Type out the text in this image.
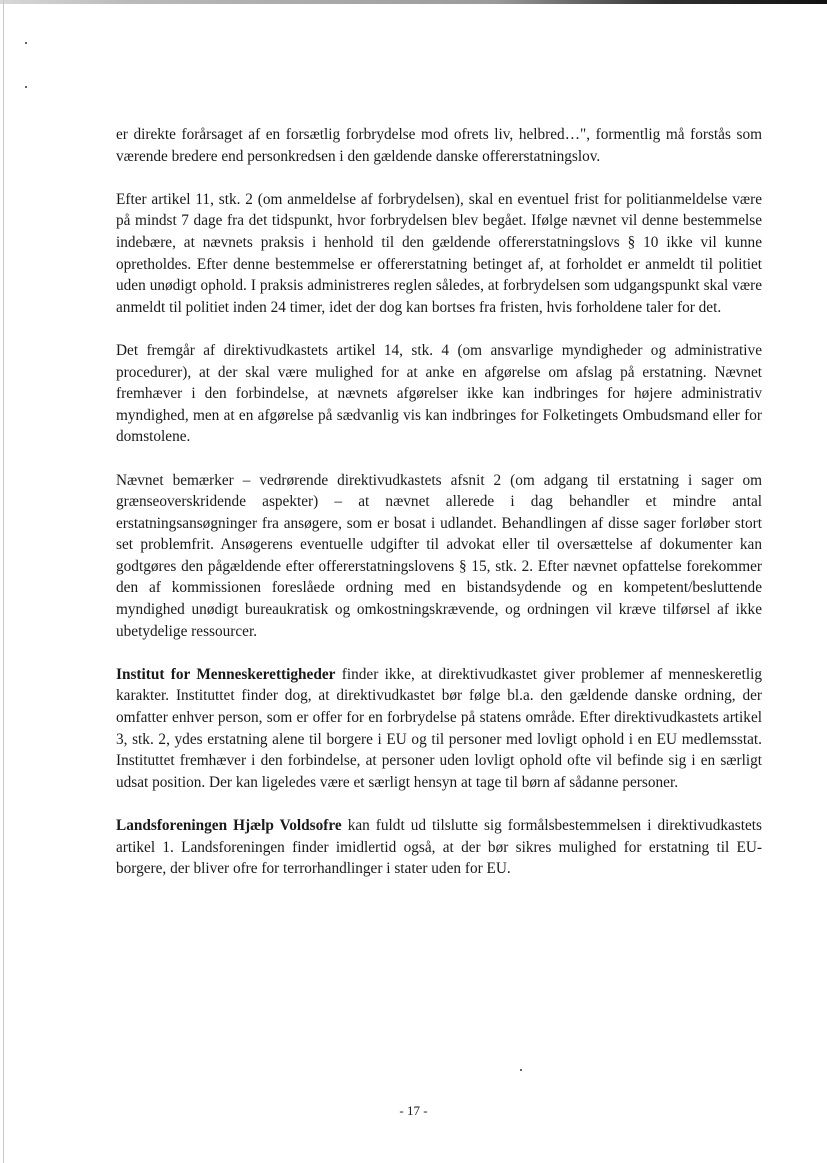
er direkte forårsaget af en forsætlig forbrydelse mod ofrets liv, helbred…", formentlig må forstås som værende bredere end personkredsen i den gældende danske offererstatningslov.

Efter artikel 11, stk. 2 (om anmeldelse af forbrydelsen), skal en eventuel frist for politianmeldelse være på mindst 7 dage fra det tidspunkt, hvor forbrydelsen blev begået. Ifølge nævnet vil denne bestemmelse indebære, at nævnets praksis i henhold til den gældende offererstatningslovs § 10 ikke vil kunne opretholdes. Efter denne bestemmelse er offererstatning betinget af, at forholdet er anmeldt til politiet uden unødigt ophold. I praksis administreres reglen således, at forbrydelsen som udgangspunkt skal være anmeldt til politiet inden 24 timer, idet der dog kan bortses fra fristen, hvis forholdene taler for det.

Det fremgår af direktivudkastets artikel 14, stk. 4 (om ansvarlige myndigheder og administrative procedurer), at der skal være mulighed for at anke en afgørelse om afslag på erstatning. Nævnet fremhæver i den forbindelse, at nævnets afgørelser ikke kan indbringes for højere administrativ myndighed, men at en afgørelse på sædvanlig vis kan indbringes for Folketingets Ombudsmand eller for domstolene.

Nævnet bemærker – vedrørende direktivudkastets afsnit 2 (om adgang til erstatning i sager om grænseoverskridende aspekter) – at nævnet allerede i dag behandler et mindre antal erstatningsansøgninger fra ansøgere, som er bosat i udlandet. Behandlingen af disse sager forløber stort set problemfrit. Ansøgerens eventuelle udgifter til advokat eller til oversættelse af dokumenter kan godtgøres den pågældende efter offererstatningslovens § 15, stk. 2. Efter nævnet opfattelse forekommer den af kommissionen foreslåede ordning med en bistandsydende og en kompetent/besluttende myndighed unødigt bureaukratisk og omkostningskrævende, og ordningen vil kræve tilførsel af ikke ubetydelige ressourcer.

Institut for Menneskerettigheder finder ikke, at direktivudkastet giver problemer af menneskeretlig karakter. Instituttet finder dog, at direktivudkastet bør følge bl.a. den gældende danske ordning, der omfatter enhver person, som er offer for en forbrydelse på statens område. Efter direktivudkastets artikel 3, stk. 2, ydes erstatning alene til borgere i EU og til personer med lovligt ophold i en EU medlemsstat. Instituttet fremhæver i den forbindelse, at personer uden lovligt ophold ofte vil befinde sig i en særligt udsat position. Der kan ligeledes være et særligt hensyn at tage til børn af sådanne personer.

Landsforeningen Hjælp Voldsofre kan fuldt ud tilslutte sig formålsbestemmelsen i direktivudkastets artikel 1. Landsforeningen finder imidlertid også, at der bør sikres mulighed for erstatning til EU-borgere, der bliver ofre for terrorhandlinger i stater uden for EU.

- 17 -
